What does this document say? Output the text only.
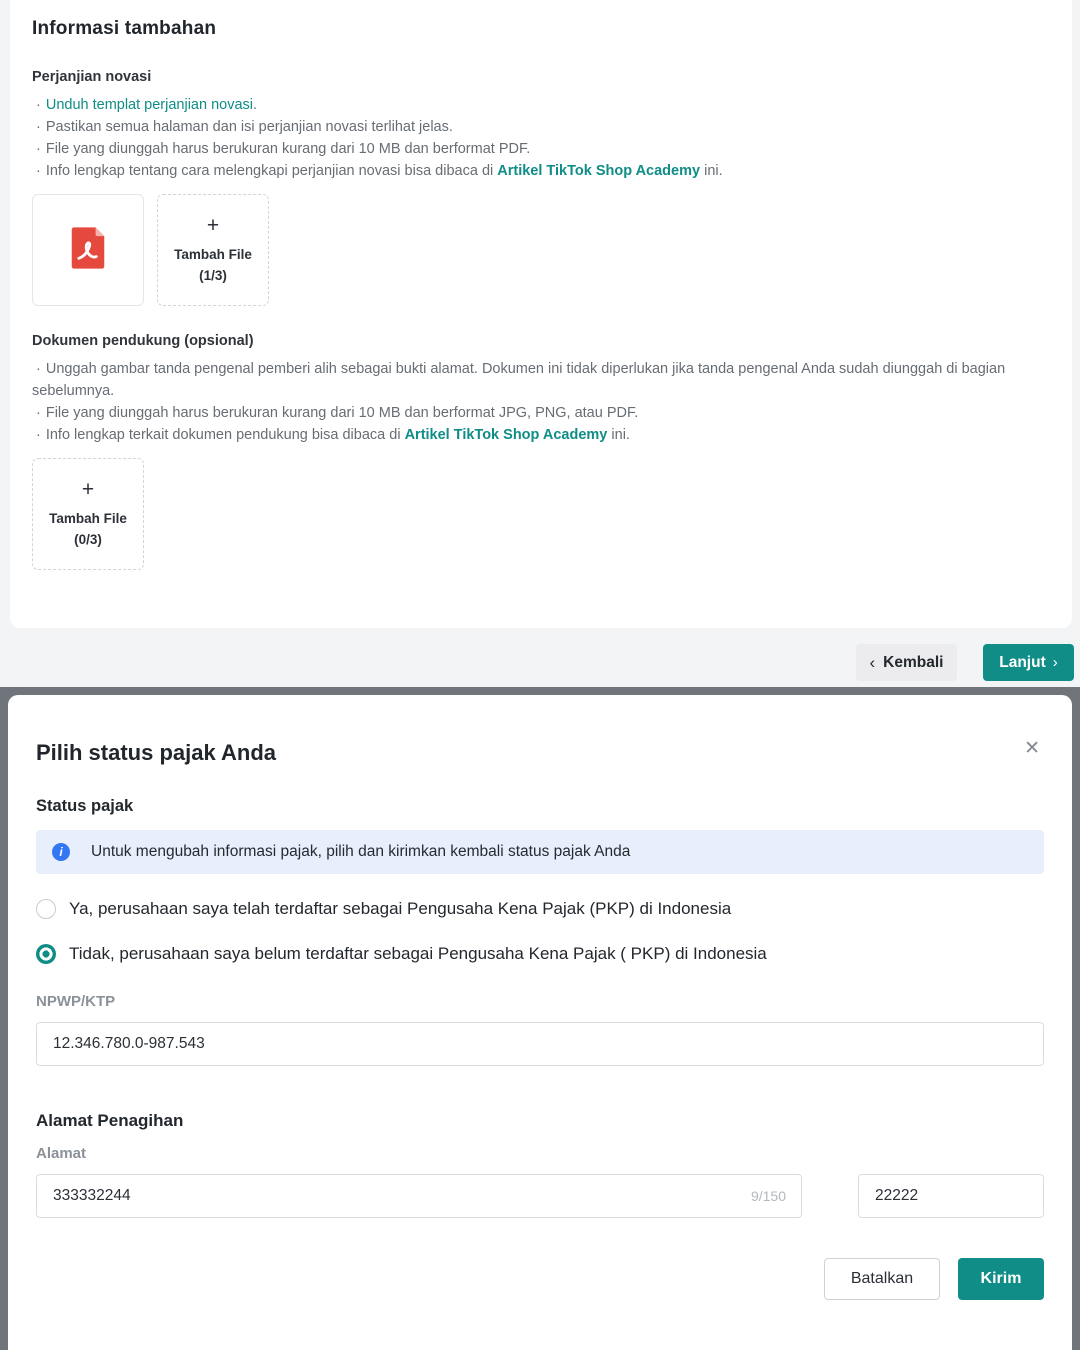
Informasi tambahan
Perjanjian novasi
· Unduh templat perjanjian novasi.
· Pastikan semua halaman dan isi perjanjian novasi terlihat jelas.
· File yang diunggah harus berukuran kurang dari 10 MB dan berformat PDF.
· Info lengkap tentang cara melengkapi perjanjian novasi bisa dibaca di Artikel TikTok Shop Academy ini.
+
Tambah File
(1/3)
Dokumen pendukung (opsional)
· Unggah gambar tanda pengenal pemberi alih sebagai bukti alamat. Dokumen ini tidak diperlukan jika tanda pengenal Anda sudah diunggah di bagian sebelumnya.
· File yang diunggah harus berukuran kurang dari 10 MB dan berformat JPG, PNG, atau PDF.
· Info lengkap terkait dokumen pendukung bisa dibaca di Artikel TikTok Shop Academy ini.
+
Tambah File
(0/3)
‹ Kembali	Lanjut ›
Pilih status pajak Anda	✕
Status pajak
i	Untuk mengubah informasi pajak, pilih dan kirimkan kembali status pajak Anda
Ya, perusahaan saya telah terdaftar sebagai Pengusaha Kena Pajak (PKP) di Indonesia
Tidak, perusahaan saya belum terdaftar sebagai Pengusaha Kena Pajak ( PKP) di Indonesia
NPWP/KTP
12.346.780.0-987.543
Alamat Penagihan
Alamat
333332244
9/150
22222
Batalkan	Kirim
